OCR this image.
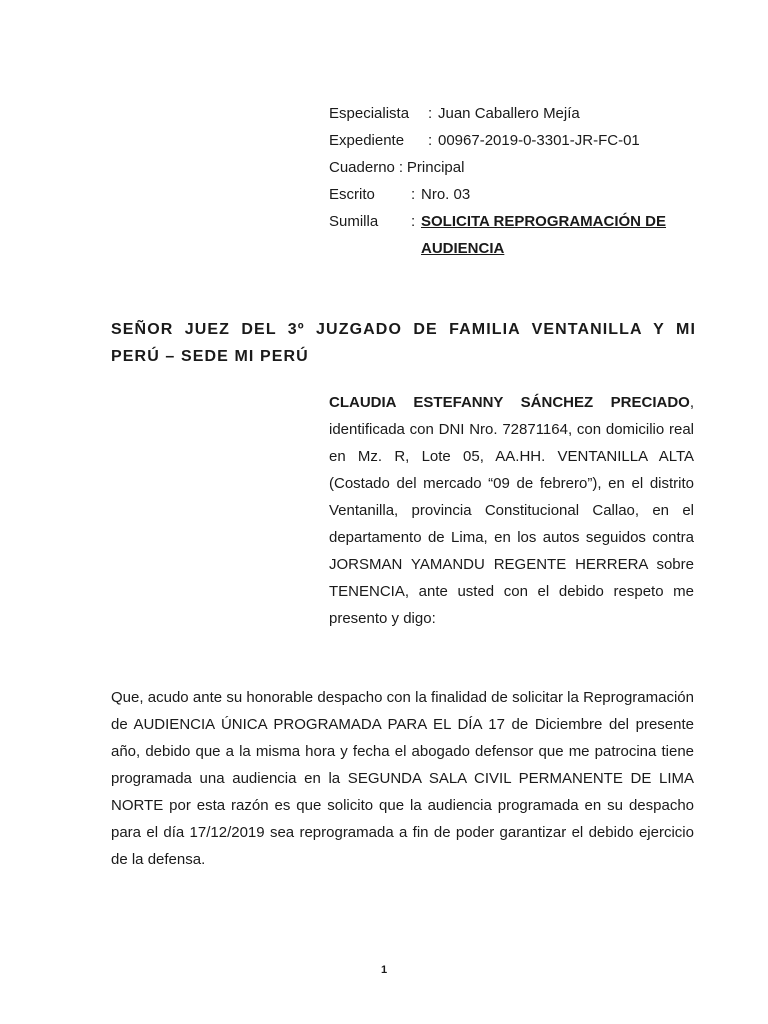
Especialista	: Juan Caballero Mejía
Expediente	: 00967-2019-0-3301-JR-FC-01
Cuaderno : Principal
Escrito	: Nro. 03
Sumilla	: SOLICITA REPROGRAMACIÓN DE
AUDIENCIA
SEÑOR JUEZ DEL 3º JUZGADO DE FAMILIA VENTANILLA Y MI PERÚ – SEDE MI PERÚ
CLAUDIA ESTEFANNY SÁNCHEZ PRECIADO, identificada con DNI Nro. 72871164, con domicilio real en Mz. R, Lote 05, AA.HH. VENTANILLA ALTA (Costado del mercado “09 de febrero”), en el distrito Ventanilla, provincia Constitucional Callao, en el departamento de Lima, en los autos seguidos contra JORSMAN YAMANDU REGENTE HERRERA sobre TENENCIA, ante usted con el debido respeto me presento y digo:
Que, acudo ante su honorable despacho con la finalidad de solicitar la Reprogramación de AUDIENCIA ÚNICA PROGRAMADA PARA EL DÍA 17 de Diciembre del presente año, debido que a la misma hora y fecha el abogado defensor que me patrocina tiene programada una audiencia en la SEGUNDA SALA CIVIL PERMANENTE DE LIMA NORTE por esta razón es que solicito que la audiencia programada en su despacho para el día 17/12/2019 sea reprogramada a fin de poder garantizar el debido ejercicio de la defensa.
1
